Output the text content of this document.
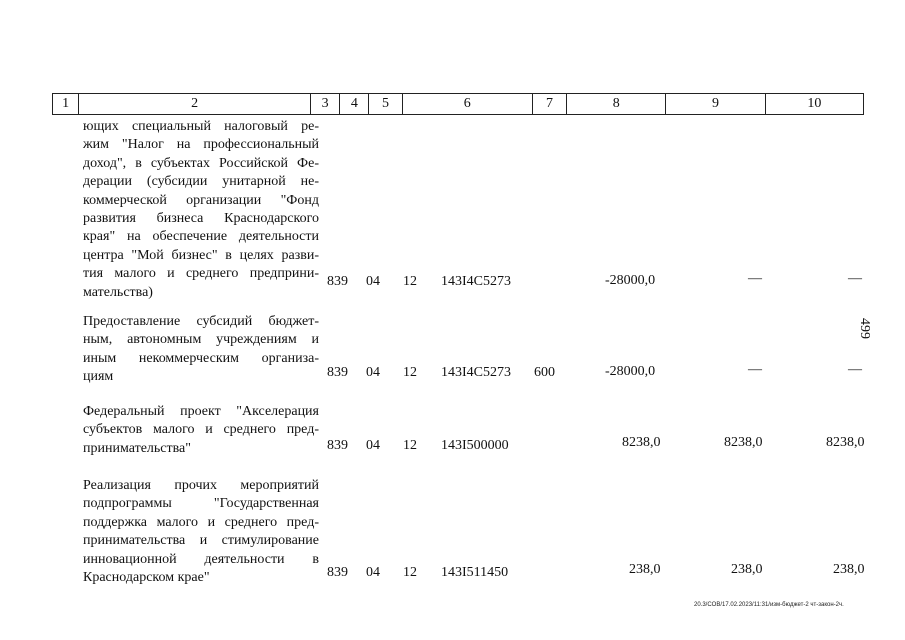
1	2	3	4	5	6	7	8	9	10
ющих специальный налоговый ре-
жим "Налог на профессиональный
доход", в субъектах Российской Фе-
дерации (субсидии унитарной не-
коммерческой организации "Фонд
развития бизнеса Краснодарского
края" на обеспечение деятельности
центра "Мой бизнес" в целях разви-
тия малого и среднего предприни-
мательства)
839 04 12 143I4C5273	-28000,0	—	—
Предоставление субсидий бюджет-
ным, автономным учреждениям и
иным некоммерческим организа-
циям	839 04 12 143I4C5273 600	-28000,0	—	—
Федеральный проект "Акселерация
субъектов малого и среднего пред-
принимательства"	839 04 12 143I500000	8238,0	8238,0	8238,0
Реализация прочих мероприятий
подпрограммы "Государственная
поддержка малого и среднего пред-
принимательства и стимулирование
инновационной деятельности в
Краснодарском крае"	839 04 12 143I511450	238,0	238,0	238,0
499
20.3/COB/17.02.2023/11:31/изм-бюджет-2 чт-закон-2ч.
